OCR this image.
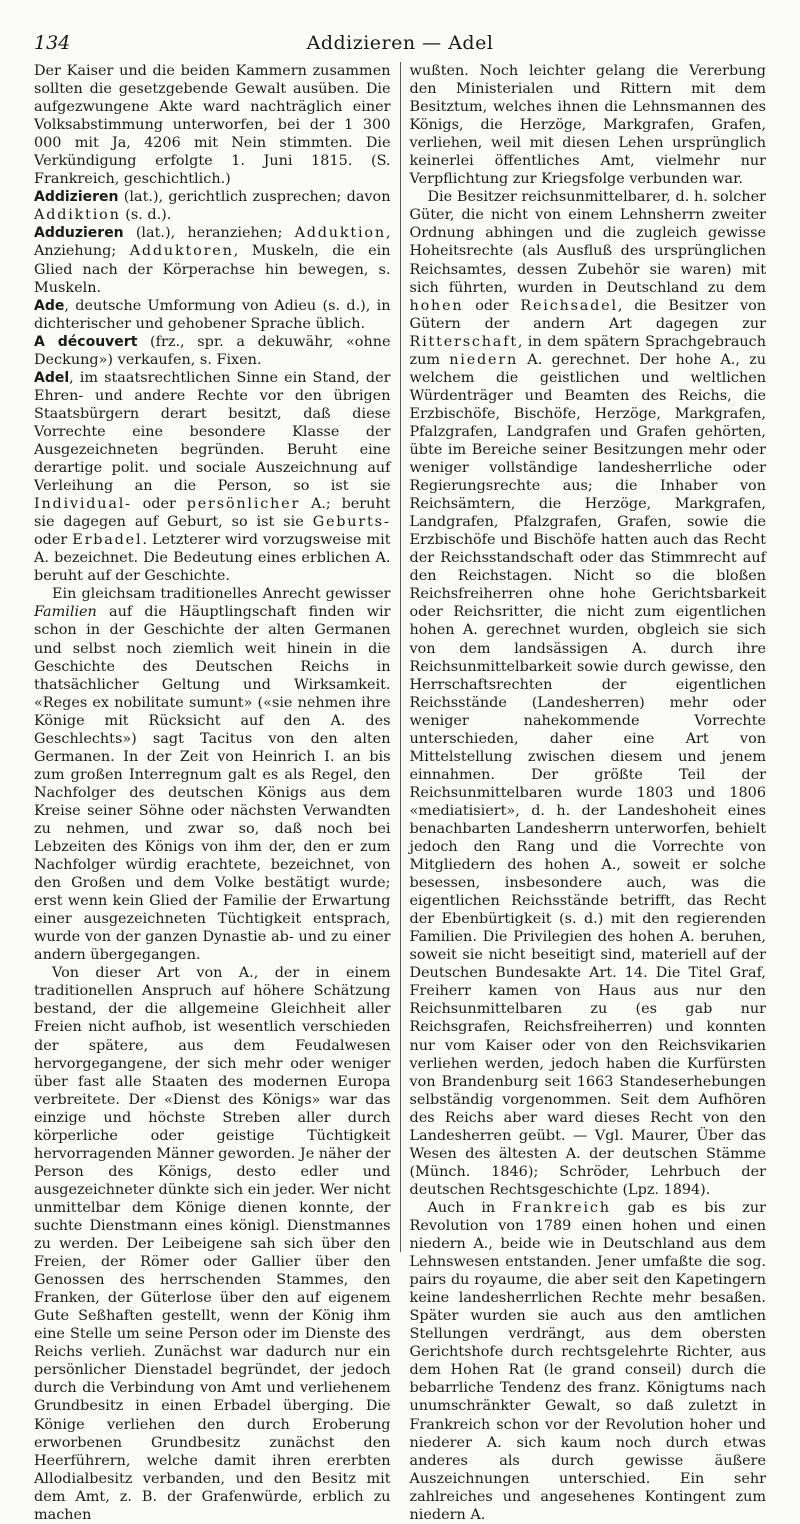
134	Addizieren — Adel

Der Kaiser und die beiden Kammern zusammen sollten die gesetzgebende Gewalt ausüben. Die aufgezwungene Akte ward nachträglich einer Volksabstimmung unterworfen, bei der 1 300 000 mit Ja, 4206 mit Nein stimmten. Die Verkündigung erfolgte 1. Juni 1815. (S. Frankreich, geschichtlich.)

Addizieren (lat.), gerichtlich zusprechen; davon Addiktion (s. d.).

Adduzieren (lat.), heranziehen; Adduktion, Anziehung; Adduktoren, Muskeln, die ein Glied nach der Körperachse hin bewegen, s. Muskeln.

Ade, deutsche Umformung von Adieu (s. d.), in dichterischer und gehobener Sprache üblich.

A découvert (frz., spr. a dekuwähr, «ohne Deckung») verkaufen, s. Fixen.

Adel, im staatsrechtlichen Sinne ein Stand, der Ehren- und andere Rechte vor den übrigen Staatsbürgern derart besitzt, daß diese Vorrechte eine besondere Klasse der Ausgezeichneten begründen. Beruht eine derartige polit. und sociale Auszeichnung auf Verleihung an die Person, so ist sie Individual- oder persönlicher A.; beruht sie dagegen auf Geburt, so ist sie Geburts- oder Erbadel. Letzterer wird vorzugsweise mit A. bezeichnet. Die Bedeutung eines erblichen A. beruht auf der Geschichte.

Ein gleichsam traditionelles Anrecht gewisser Familien auf die Häuptlingschaft finden wir schon in der Geschichte der alten Germanen und selbst noch ziemlich weit hinein in die Geschichte des Deutschen Reichs in thatsächlicher Geltung und Wirksamkeit. «Reges ex nobilitate sumunt» («sie nehmen ihre Könige mit Rücksicht auf den A. des Geschlechts») sagt Tacitus von den alten Germanen. In der Zeit von Heinrich I. an bis zum großen Interregnum galt es als Regel, den Nachfolger des deutschen Königs aus dem Kreise seiner Söhne oder nächsten Verwandten zu nehmen, und zwar so, daß noch bei Lebzeiten des Königs von ihm der, den er zum Nachfolger würdig erachtete, bezeichnet, von den Großen und dem Volke bestätigt wurde; erst wenn kein Glied der Familie der Erwartung einer ausgezeichneten Tüchtigkeit entsprach, wurde von der ganzen Dynastie ab- und zu einer andern übergegangen.

Von dieser Art von A., der in einem traditionellen Anspruch auf höhere Schätzung bestand, der die allgemeine Gleichheit aller Freien nicht aufhob, ist wesentlich verschieden der spätere, aus dem Feudalwesen hervorgegangene, der sich mehr oder weniger über fast alle Staaten des modernen Europa verbreitete. Der «Dienst des Königs» war das einzige und höchste Streben aller durch körperliche oder geistige Tüchtigkeit hervorragenden Männer geworden. Je näher der Person des Königs, desto edler und ausgezeichneter dünkte sich ein jeder. Wer nicht unmittelbar dem Könige dienen konnte, der suchte Dienstmann eines königl. Dienstmannes zu werden. Der Leibeigene sah sich über den Freien, der Römer oder Gallier über den Genossen des herrschenden Stammes, den Franken, der Güterlose über den auf eigenem Gute Seßhaften gestellt, wenn der König ihm eine Stelle um seine Person oder im Dienste des Reichs verlieh. Zunächst war dadurch nur ein persönlicher Dienstadel begründet, der jedoch durch die Verbindung von Amt und verliehenem Grundbesitz in einen Erbadel überging. Die Könige verliehen den durch Eroberung erworbenen Grundbesitz zunächst den Heerführern, welche damit ihren ererbten Allodialbesitz verbanden, und den Besitz mit dem Amt, z. B. der Grafenwürde, erblich zu machen

wußten. Noch leichter gelang die Vererbung den Ministerialen und Rittern mit dem Besitztum, welches ihnen die Lehnsmannen des Königs, die Herzöge, Markgrafen, Grafen, verliehen, weil mit diesen Lehen ursprünglich keinerlei öffentliches Amt, vielmehr nur Verpflichtung zur Kriegsfolge verbunden war.

Die Besitzer reichsunmittelbarer, d. h. solcher Güter, die nicht von einem Lehnsherrn zweiter Ordnung abhingen und die zugleich gewisse Hoheitsrechte (als Ausfluß des ursprünglichen Reichsamtes, dessen Zubehör sie waren) mit sich führten, wurden in Deutschland zu dem hohen oder Reichsadel, die Besitzer von Gütern der andern Art dagegen zur Ritterschaft, in dem spätern Sprachgebrauch zum niedern A. gerechnet. Der hohe A., zu welchem die geistlichen und weltlichen Würdenträger und Beamten des Reichs, die Erzbischöfe, Bischöfe, Herzöge, Markgrafen, Pfalzgrafen, Landgrafen und Grafen gehörten, übte im Bereiche seiner Besitzungen mehr oder weniger vollständige landesherrliche oder Regierungsrechte aus; die Inhaber von Reichsämtern, die Herzöge, Markgrafen, Landgrafen, Pfalzgrafen, Grafen, sowie die Erzbischöfe und Bischöfe hatten auch das Recht der Reichsstandschaft oder das Stimmrecht auf den Reichstagen. Nicht so die bloßen Reichsfreiherren ohne hohe Gerichtsbarkeit oder Reichsritter, die nicht zum eigentlichen hohen A. gerechnet wurden, obgleich sie sich von dem landsässigen A. durch ihre Reichsunmittelbarkeit sowie durch gewisse, den Herrschaftsrechten der eigentlichen Reichsstände (Landesherren) mehr oder weniger nahekommende Vorrechte unterschieden, daher eine Art von Mittelstellung zwischen diesem und jenem einnahmen. Der größte Teil der Reichsunmittelbaren wurde 1803 und 1806 «mediatisiert», d. h. der Landeshoheit eines benachbarten Landesherrn unterworfen, behielt jedoch den Rang und die Vorrechte von Mitgliedern des hohen A., soweit er solche besessen, insbesondere auch, was die eigentlichen Reichsstände betrifft, das Recht der Ebenbürtigkeit (s. d.) mit den regierenden Familien. Die Privilegien des hohen A. beruhen, soweit sie nicht beseitigt sind, materiell auf der Deutschen Bundesakte Art. 14. Die Titel Graf, Freiherr kamen von Haus aus nur den Reichsunmittelbaren zu (es gab nur Reichsgrafen, Reichsfreiherren) und konnten nur vom Kaiser oder von den Reichsvikarien verliehen werden, jedoch haben die Kurfürsten von Brandenburg seit 1663 Standeserhebungen selbständig vorgenommen. Seit dem Aufhören des Reichs aber ward dieses Recht von den Landesherren geübt. — Vgl. Maurer, Über das Wesen des ältesten A. der deutschen Stämme (Münch. 1846); Schröder, Lehrbuch der deutschen Rechtsgeschichte (Lpz. 1894).

Auch in Frankreich gab es bis zur Revolution von 1789 einen hohen und einen niedern A., beide wie in Deutschland aus dem Lehnswesen entstanden. Jener umfaßte die sog. pairs du royaume, die aber seit den Kapetingern keine landesherrlichen Rechte mehr besaßen. Später wurden sie auch aus den amtlichen Stellungen verdrängt, aus dem obersten Gerichtshofe durch rechtsgelehrte Richter, aus dem Hohen Rat (le grand conseil) durch die bebarrliche Tendenz des franz. Königtums nach unumschränkter Gewalt, so daß zuletzt in Frankreich schon vor der Revolution hoher und niederer A. sich kaum noch durch etwas anderes als durch gewisse äußere Auszeichnungen unterschied. Ein sehr zahlreiches und angesehenes Kontingent zum niedern A.
